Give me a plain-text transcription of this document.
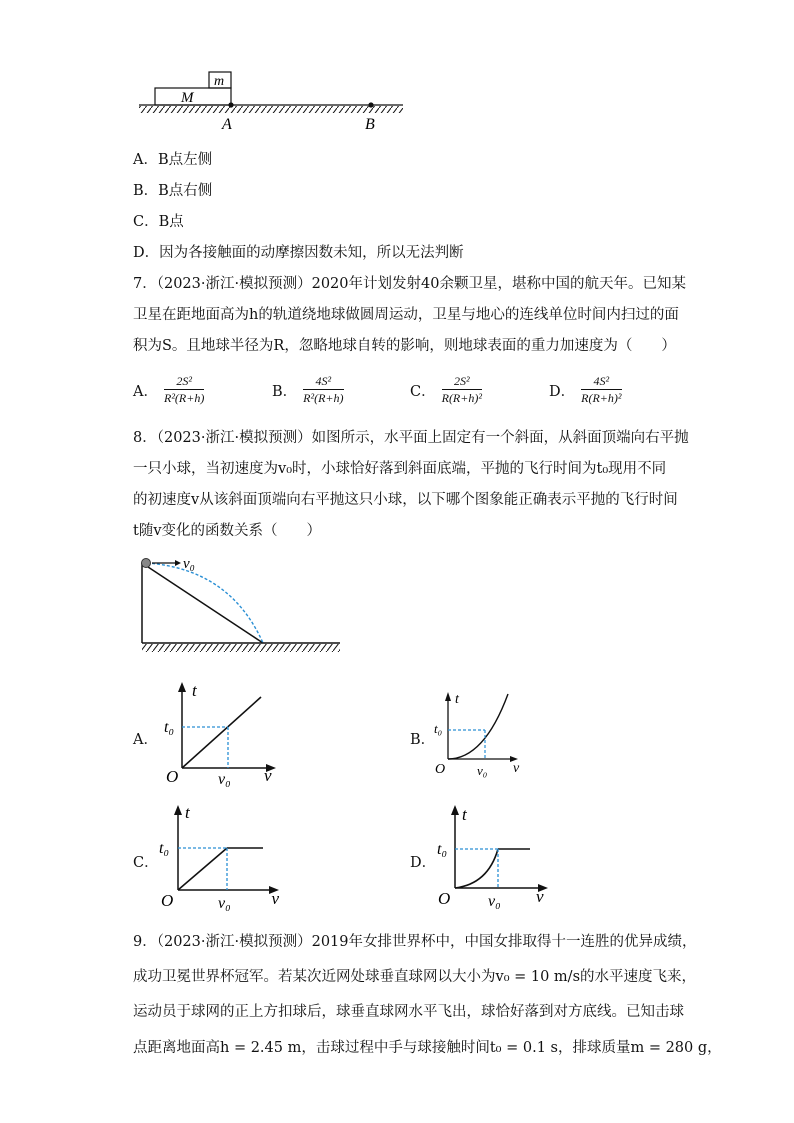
M
m
A	B
A．B点左侧
B．B点右侧
C．B点
D．因为各接触面的动摩擦因数未知，所以无法判断
7．（2023·浙江·模拟预测）2020年计划发射40余颗卫星，堪称中国的航天年。已知某
卫星在距地面高为h的轨道绕地球做圆周运动，卫星与地心的连线单位时间内扫过的面
积为S。且地球半径为R，忽略地球自转的影响，则地球表面的重力加速度为（　　）
A． $\frac{\text{2S²}}{\text{R²(R+h)}}$	B． $\frac{\text{4S²}}{\text{R²(R+h)}}$	C． $\frac{\text{2S²}}{\text{R(R+h)²}}$	D． $\frac{\text{4S²}}{\text{R(R+h)²}}$
8．（2023·浙江·模拟预测）如图所示，水平面上固定有一个斜面，从斜面顶端向右平抛
一只小球，当初速度为v₀时，小球恰好落到斜面底端，平抛的飞行时间为t₀现用不同
的初速度v从该斜面顶端向右平抛这只小球，以下哪个图象能正确表示平抛的飞行时间
t随v变化的函数关系（　　）
v₀
A．
t
t₀
O v₀ v
B．
t
t₀
O v₀ v
C．
t
t₀
O	v₀ v
D．
t
t₀
O v₀ v
9．（2023·浙江·模拟预测）2019年女排世界杯中，中国女排取得十一连胜的优异成绩，
成功卫冕世界杯冠军。若某次近网处球垂直球网以大小为v₀ = 10 m/s的水平速度飞来，
运动员于球网的正上方扣球后，球垂直球网水平飞出，球恰好落到对方底线。已知击球
点距离地面高h = 2.45 m，击球过程中手与球接触时间t₀ = 0.1 s，排球质量m = 280 g，
